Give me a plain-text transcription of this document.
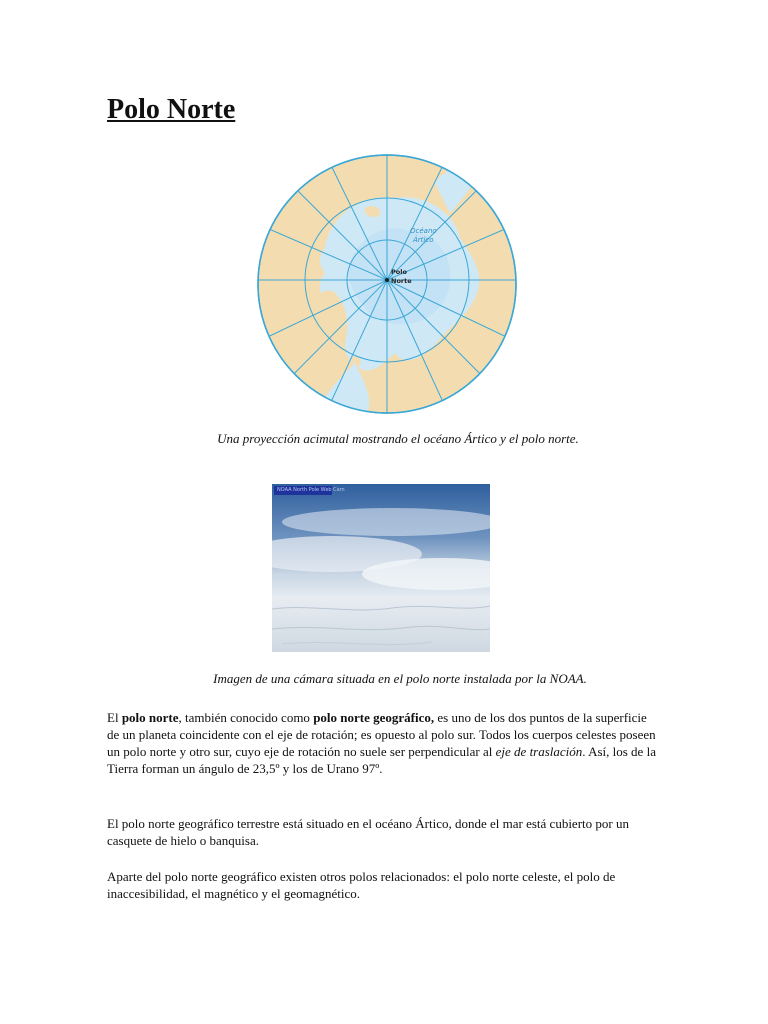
Polo Norte
Océano
Ártico
Polo
Norte
Una proyección acimutal mostrando el océano Ártico y el polo norte.
NOAA North Pole Web Cam
Imagen de una cámara situada en el polo norte instalada por la NOAA.

El polo norte, también conocido como polo norte geográfico, es uno de los dos puntos de la superficie de un planeta coincidente con el eje de rotación; es opuesto al polo sur. Todos los cuerpos celestes poseen un polo norte y otro sur, cuyo eje de rotación no suele ser perpendicular al eje de traslación. Así, los de la Tierra forman un ángulo de 23,5º y los de Urano 97º.

El polo norte geográfico terrestre está situado en el océano Ártico, donde el mar está cubierto por un casquete de hielo o banquisa.

Aparte del polo norte geográfico existen otros polos relacionados: el polo norte celeste, el polo de inaccesibilidad, el magnético y el geomagnético.
